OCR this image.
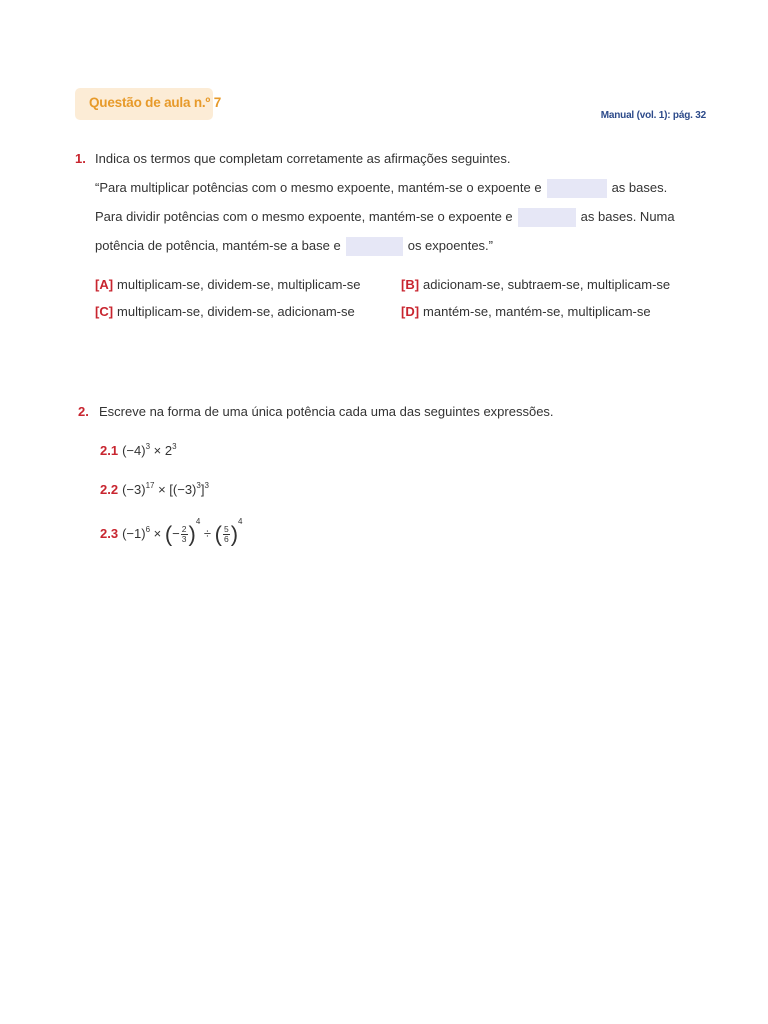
Questão de aula n.º 7
Manual (vol. 1): pág. 32
1. Indica os termos que completam corretamente as afirmações seguintes.
“Para multiplicar potências com o mesmo expoente, mantém-se o expoente e	as bases.
Para dividir potências com o mesmo expoente, mantém-se o expoente e	as bases. Numa
potência de potência, mantém-se a base e	os expoentes.”
[A] multiplicam-se, dividem-se, multiplicam-se	[B] adicionam-se, subtraem-se, multiplicam-se
[C] multiplicam-se, dividem-se, adicionam-se	[D] mantém-se, mantém-se, multiplicam-se
2. Escreve na forma de uma única potência cada uma das seguintes expressões.
2.1 $(-4)^3 \times 2^3$
2.2 $(-3)^{17} \times [(-3)^3]^3$
2.3 $(-1)^6$ × (− $\frac{2}{3} )^4$ ÷ ( $\frac{5}{6} )^4$
